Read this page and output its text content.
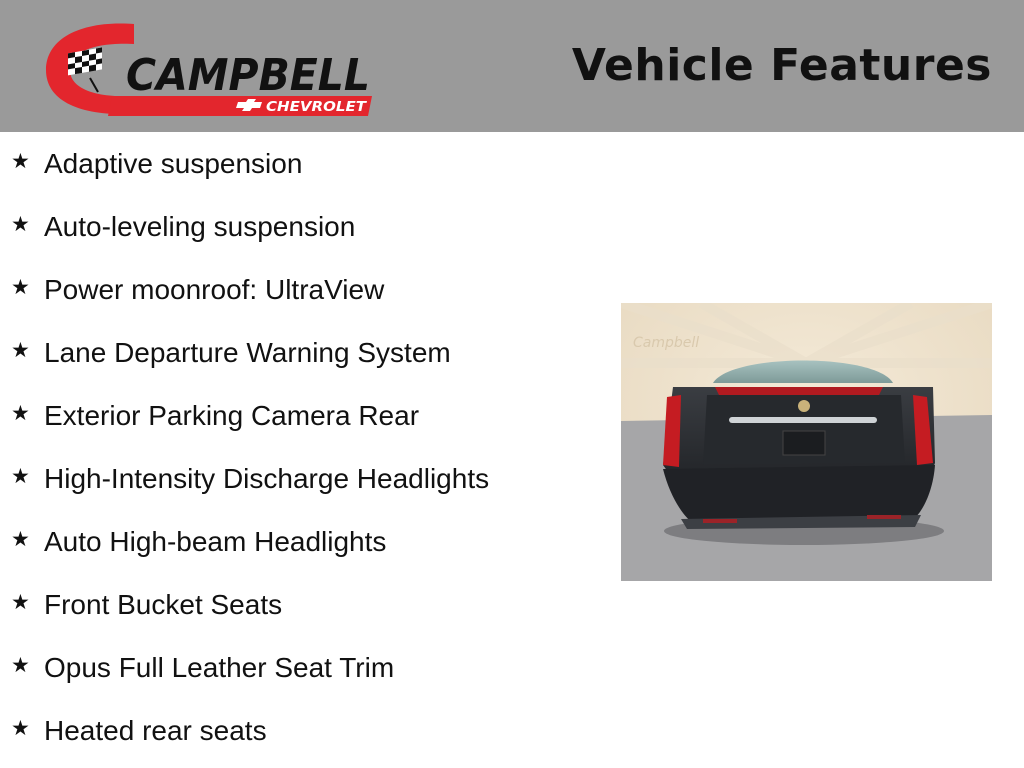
CAMPBELL
CHEVROLET
Vehicle Features
★ Adaptive suspension
★ Auto-leveling suspension
★ Power moonroof: UltraView
★ Lane Departure Warning System
★ Exterior Parking Camera Rear
★ High-Intensity Discharge Headlights
★ Auto High-beam Headlights
★ Front Bucket Seats
★ Opus Full Leather Seat Trim
★ Heated rear seats
Campbell
